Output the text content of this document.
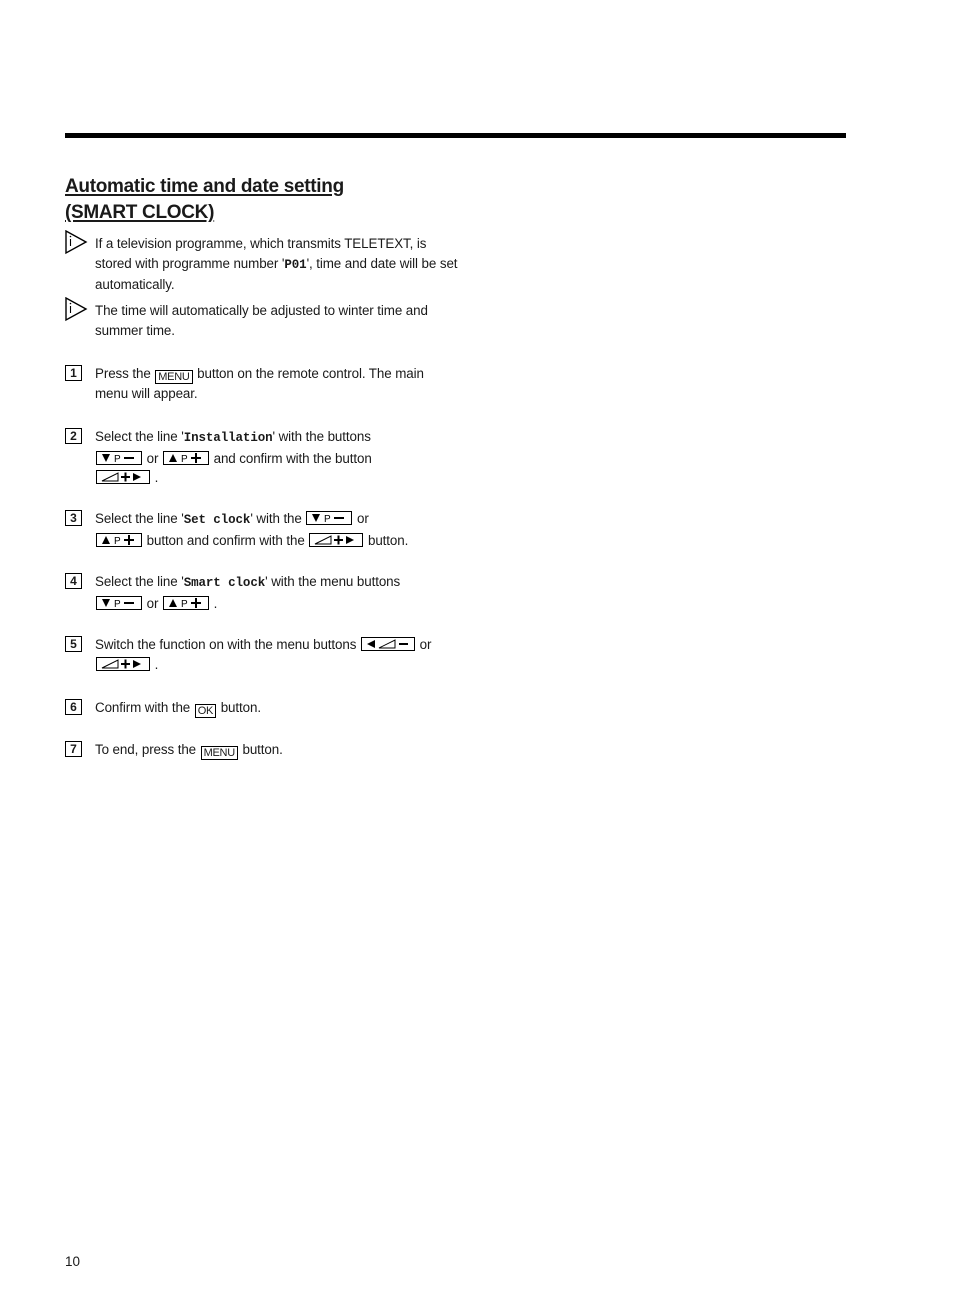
Automatic time and date setting
(SMART CLOCK)
If a television programme, which transmits TELETEXT, is stored with programme number 'P01', time and date will be set automatically.
The time will automatically be adjusted to winter time and summer time.
1	Press the MENU button on the remote control. The main menu will appear.
2	Select the line 'Installation' with the buttons

P or P and confirm with the button

.
3	Select the line 'Set clock' with the P or

P button and confirm with the	button.
4	Select the line 'Smart clock' with the menu buttons

P or P .
5	Switch the function on with the menu buttons	or

.
6	Confirm with the OK button.
7	To end, press the MENU button.
10
